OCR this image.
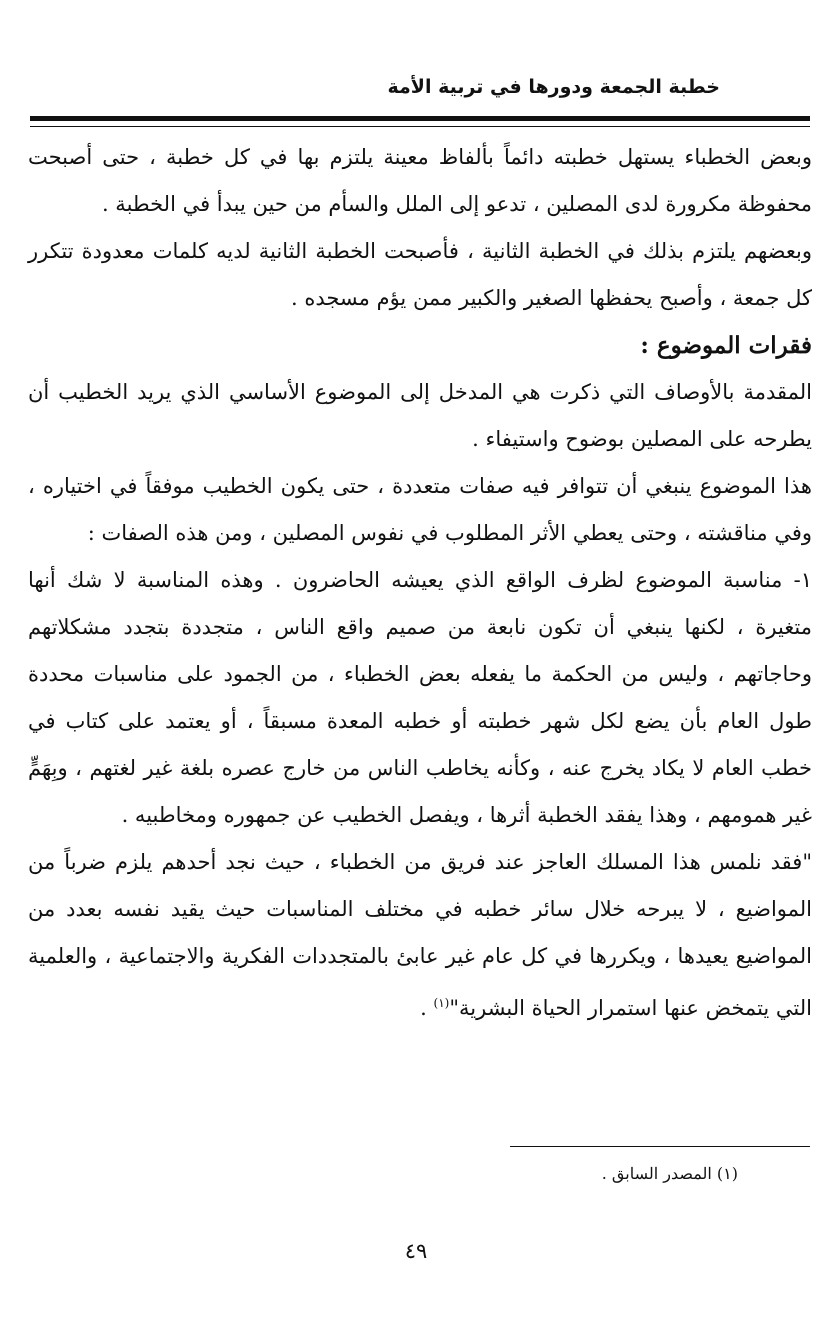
خطبة الجمعة ودورها في تربية الأمة

وبعض الخطباء يستهل خطبته دائماً بألفاظ معينة يلتزم بها في كل خطبة ، حتى أصبحت محفوظة مكرورة لدى المصلين ، تدعو إلى الملل والسأم من حين يبدأ في الخطبة .

وبعضهم يلتزم بذلك في الخطبة الثانية ، فأصبحت الخطبة الثانية لديه كلمات معدودة تتكرر كل جمعة ، وأصبح يحفظها الصغير والكبير ممن يؤم مسجده .

فقرات الموضوع :

المقدمة بالأوصاف التي ذكرت هي المدخل إلى الموضوع الأساسي الذي يريد الخطيب أن يطرحه على المصلين بوضوح واستيفاء .

هذا الموضوع ينبغي أن تتوافر فيه صفات متعددة ، حتى يكون الخطيب موفقاً في اختياره ، وفي مناقشته ، وحتى يعطي الأثر المطلوب في نفوس المصلين ، ومن هذه الصفات :

١- مناسبة الموضوع لظرف الواقع الذي يعيشه الحاضرون . وهذه المناسبة لا شك أنها متغيرة ، لكنها ينبغي أن تكون نابعة من صميم واقع الناس ، متجددة بتجدد مشكلاتهم وحاجاتهم ، وليس من الحكمة ما يفعله بعض الخطباء ، من الجمود على مناسبات محددة طول العام بأن يضع لكل شهر خطبته أو خطبه المعدة مسبقاً ، أو يعتمد على كتاب في خطب العام لا يكاد يخرج عنه ، وكأنه يخاطب الناس من خارج عصره بلغة غير لغتهم ، وبِهَمٍّ غير همومهم ، وهذا يفقد الخطبة أثرها ، ويفصل الخطيب عن جمهوره ومخاطبيه .

"فقد نلمس هذا المسلك العاجز عند فريق من الخطباء ، حيث نجد أحدهم يلزم ضرباً من المواضيع ، لا يبرحه خلال سائر خطبه في مختلف المناسبات حيث يقيد نفسه بعدد من المواضيع يعيدها ، ويكررها في كل عام غير عابئ بالمتجددات الفكرية والاجتماعية ، والعلمية التي يتمخض عنها استمرار الحياة البشرية"$^{(١)}$ .

(١) المصدر السابق .
٤٩
